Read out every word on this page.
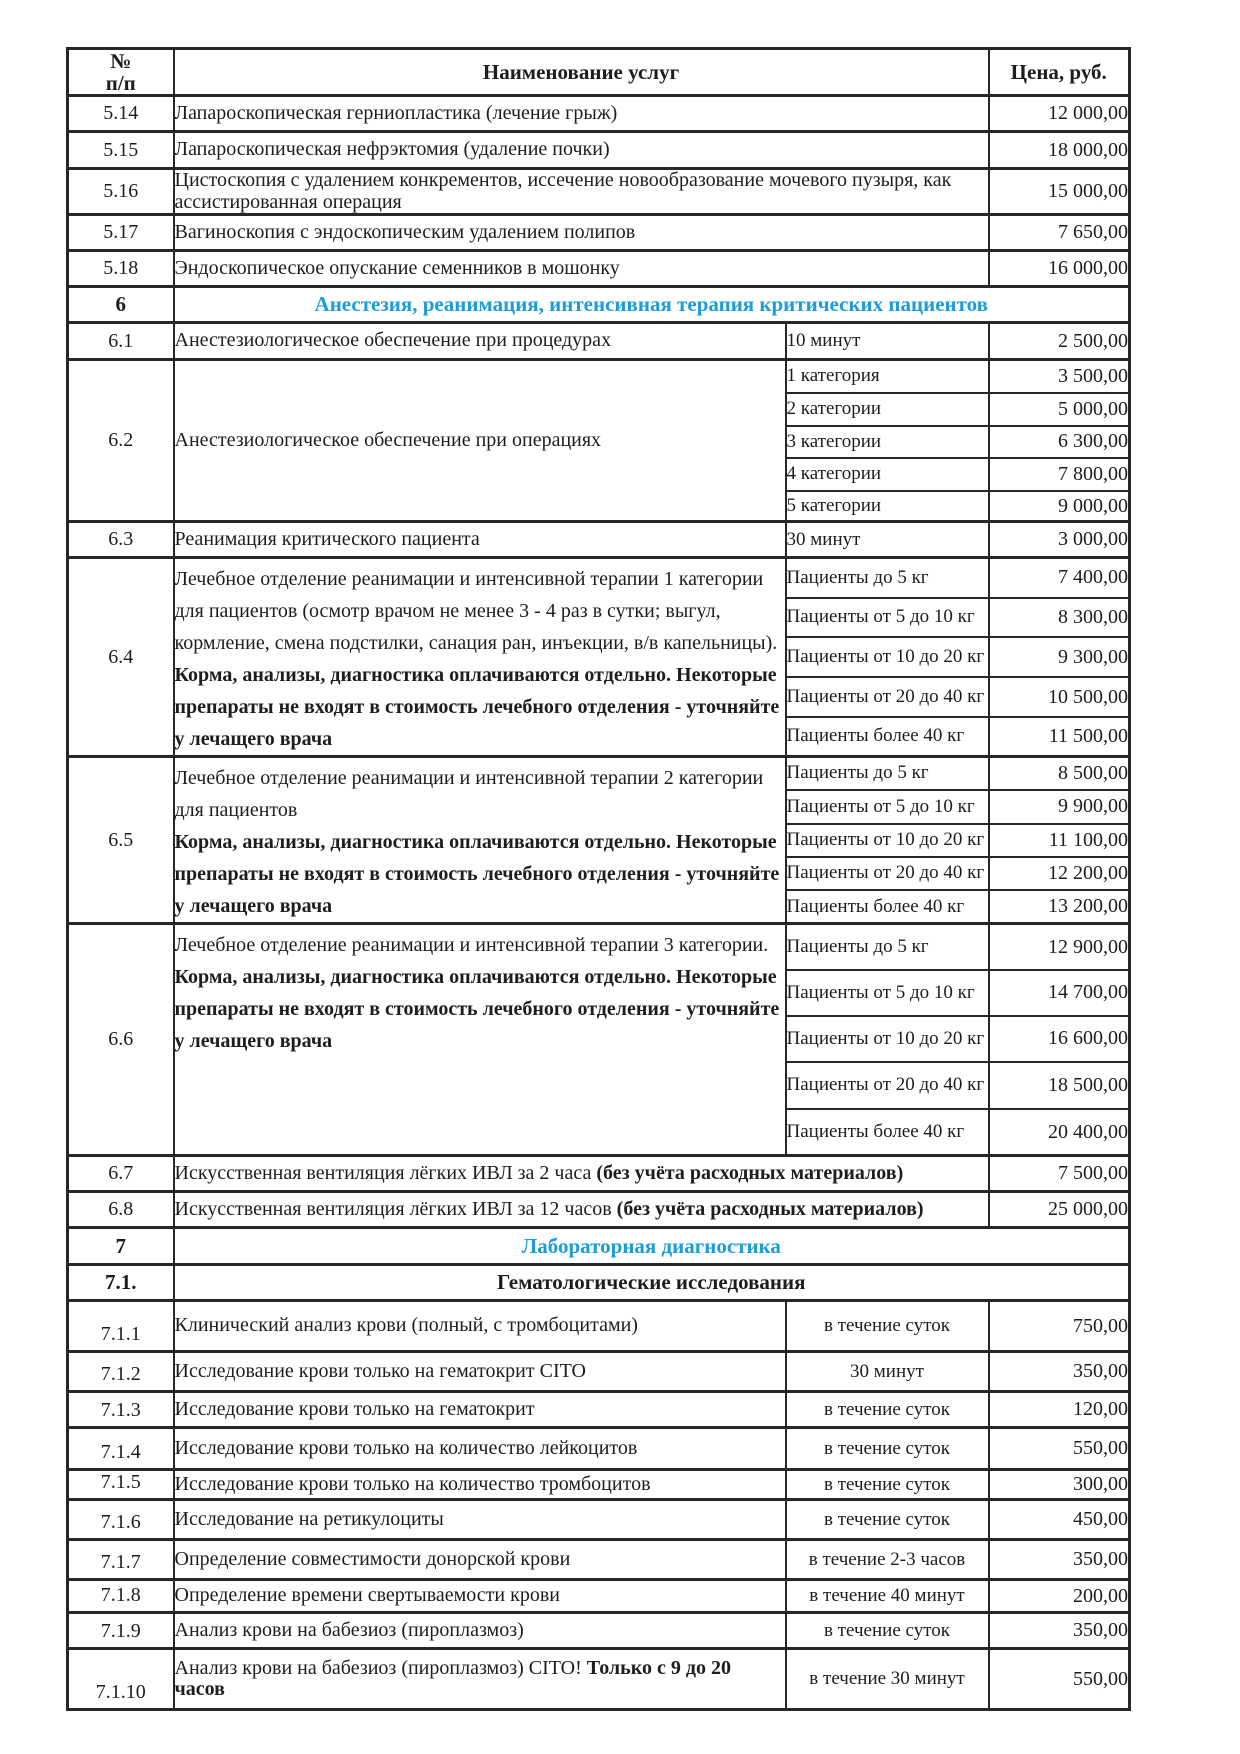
№
п/п	Наименование услуг		Цена, руб.
5.14	Лапароскопическая герниопластика (лечение грыж)		12 000,00
5.15	Лапароскопическая нефрэктомия (удаление почки)		18 000,00
5.16	Цистоскопия с удалением конкрементов, иссечение новообразование мочевого пузыря, как ассистированная операция		15 000,00
5.17	Вагиноскопия с эндоскопическим удалением полипов		7 650,00
5.18	Эндоскопическое опускание семенников в мошонку		16 000,00
6	Анестезия, реанимация, интенсивная терапия критических пациентов		
6.1	Анестезиологическое обеспечение при процедурах	10 минут	2 500,00
6.2	Анестезиологическое обеспечение при операциях	1 категория	3 500,00
		2 категории	5 000,00
		3 категории	6 300,00
		4 категории	7 800,00
		5 категории	9 000,00
6.3	Реанимация критического пациента	30 минут	3 000,00
6.4	Лечебное отделение реанимации и интенсивной терапии 1 категории для пациентов (осмотр врачом не менее 3 - 4 раз в сутки; выгул, кормление, смена подстилки, санация ран, инъекции, в/в капельницы).
Корма, анализы, диагностика оплачиваются отдельно. Некоторые препараты не входят в стоимость лечебного отделения - уточняйте у лечащего врача	Пациенты до 5 кг	7 400,00
		Пациенты от 5 до 10 кг	8 300,00
		Пациенты от 10 до 20 кг	9 300,00
		Пациенты от 20 до 40 кг	10 500,00
		Пациенты более 40 кг	11 500,00
6.5	Лечебное отделение реанимации и интенсивной терапии 2 категории для пациентов
Корма, анализы, диагностика оплачиваются отдельно. Некоторые препараты не входят в стоимость лечебного отделения - уточняйте у лечащего врача	Пациенты до 5 кг	8 500,00
		Пациенты от 5 до 10 кг	9 900,00
		Пациенты от 10 до 20 кг	11 100,00
		Пациенты от 20 до 40 кг	12 200,00
		Пациенты более 40 кг	13 200,00
6.6	Лечебное отделение реанимации и интенсивной терапии 3 категории.
Корма, анализы, диагностика оплачиваются отдельно. Некоторые препараты не входят в стоимость лечебного отделения - уточняйте у лечащего врача	Пациенты до 5 кг	12 900,00
		Пациенты от 5 до 10 кг	14 700,00
		Пациенты от 10 до 20 кг	16 600,00
		Пациенты от 20 до 40 кг	18 500,00
		Пациенты более 40 кг	20 400,00
6.7	Искусственная вентиляция лёгких ИВЛ за 2 часа (без учёта расходных материалов)		7 500,00
6.8	Искусственная вентиляция лёгких ИВЛ за 12 часов (без учёта расходных материалов)		25 000,00
7	Лабораторная диагностика		
7.1.	Гематологические исследования		
7.1.1	Клинический анализ крови (полный, с тромбоцитами)	в течение суток	750,00
7.1.2	Исследование крови только на гематокрит CITO	30 минут	350,00
7.1.3	Исследование крови только на гематокрит	в течение суток	120,00
7.1.4	Исследование крови только на количество лейкоцитов	в течение суток	550,00
7.1.5	Исследование крови только на количество тромбоцитов	в течение суток	300,00
7.1.6	Исследование на ретикулоциты	в течение суток	450,00
7.1.7	Определение совместимости донорской крови	в течение 2-3 часов	350,00
7.1.8	Определение времени свертываемости крови	в течение 40 минут	200,00
7.1.9	Анализ крови на бабезиоз (пироплазмоз)	в течение суток	350,00
7.1.10	Анализ крови на бабезиоз (пироплазмоз) CITO! Только с 9 до 20 часов	в течение 30 минут	550,00
